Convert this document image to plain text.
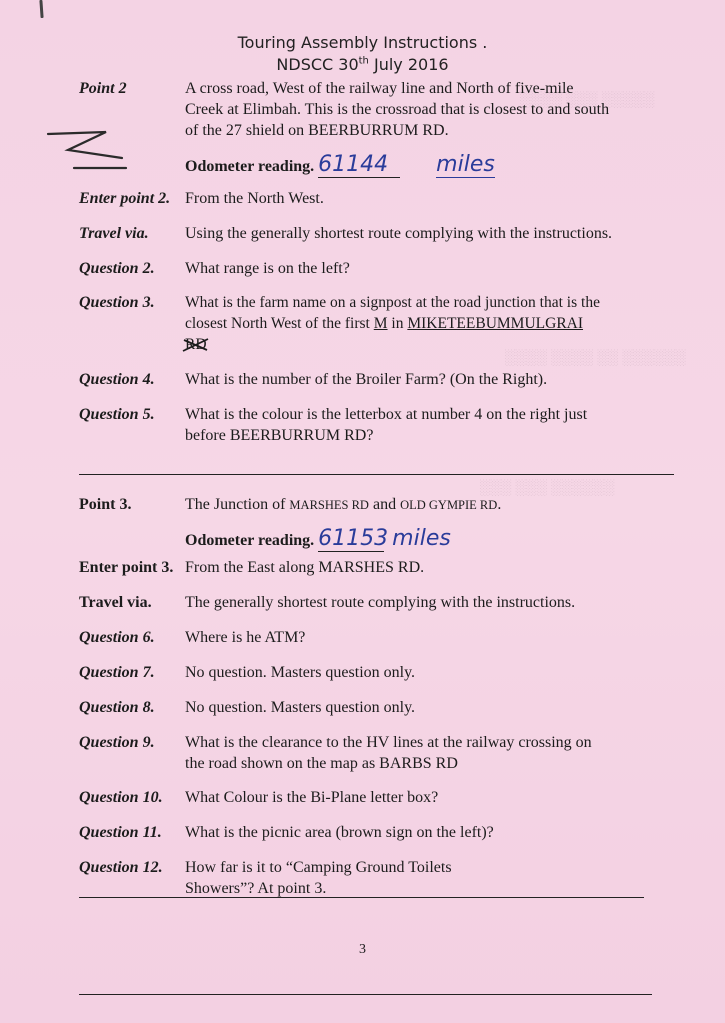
░░░░░ ░░░ ░░░░
░░░░░░ ░░ ░░░░ ░░░░
░░░░░░ ░░░ ░░░
Touring Assembly Instructions .
NDSCC 30th July 2016
Point 2	A cross road, West of the railway line and North of five-mile
Creek at Elimbah. This is the crossroad that is closest to and south
of the 27 shield on BEERBURRUM RD.
Odometer reading. 61144 miles
Enter point 2. From the North West.
Travel via. Using the generally shortest route complying with the instructions.
Question 2. What range is on the left?
Question 3. What is the farm name on a signpost at the road junction that is the
closest North West of the first M in MIKETEEBUMMULGRAI
RD
Question 4. What is the number of the Broiler Farm? (On the Right).
Question 5. What is the colour is the letterbox at number 4 on the right just
before BEERBURRUM RD?
Point 3.	The Junction of MARSHES RD and OLD GYMPIE RD.
Odometer reading. 61153 miles
Enter point 3. From the East along MARSHES RD.
Travel via. The generally shortest route complying with the instructions.
Question 6. Where is he ATM?
Question 7. No question. Masters question only.
Question 8. No question. Masters question only.
Question 9. What is the clearance to the HV lines at the railway crossing on
the road shown on the map as BARBS RD
Question 10. What Colour is the Bi-Plane letter box?
Question 11. What is the picnic area (brown sign on the left)?
Question 12. How far is it to “Camping Ground Toilets
Showers”? At point 3.
3
